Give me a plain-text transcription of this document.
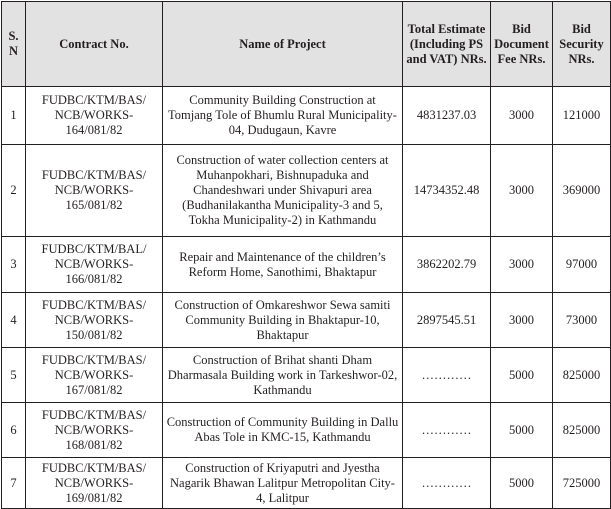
S. N	Contract No.	Name of Project	Total Estimate (Including PS and VAT) NRs.	Bid Document Fee NRs.	Bid Security NRs.
1	FUDBC/KTM/BAS/ NCB/WORKS- 164/081/82	Community Building Construction at Tomjang Tole of Bhumlu Rural Municipality-04, Dudugaun, Kavre	4831237.03	3000	121000
2	FUDBC/KTM/BAS/ NCB/WORKS- 165/081/82	Construction of water collection centers at Muhanpokhari, Bishnupaduka and Chandeshwari under Shivapuri area (Budhanilakantha Municipality-3 and 5, Tokha Municipality-2) in Kathmandu	14734352.48	3000	369000
3	FUDBC/KTM/BAL/ NCB/WORKS- 166/081/82	Repair and Maintenance of the children’s Reform Home, Sanothimi, Bhaktapur	3862202.79	3000	97000
4	FUDBC/KTM/BAS/ NCB/WORKS- 150/081/82	Construction of Omkareshwor Sewa samiti Community Building in Bhaktapur-10, Bhaktapur	2897545.51	3000	73000
5	FUDBC/KTM/BAS/ NCB/WORKS- 167/081/82	Construction of Brihat shanti Dham Dharmasala Building work in Tarkeshwor-02, Kathmandu	…………	5000	825000
6	FUDBC/KTM/BAS/ NCB/WORKS- 168/081/82	Construction of Community Building in Dallu Abas Tole in KMC-15, Kathmandu	…………	5000	825000
7	FUDBC/KTM/BAS/ NCB/WORKS- 169/081/82	Construction of Kriyaputri and Jyestha Nagarik Bhawan Lalitpur Metropolitan City-4, Lalitpur	…………	5000	725000
